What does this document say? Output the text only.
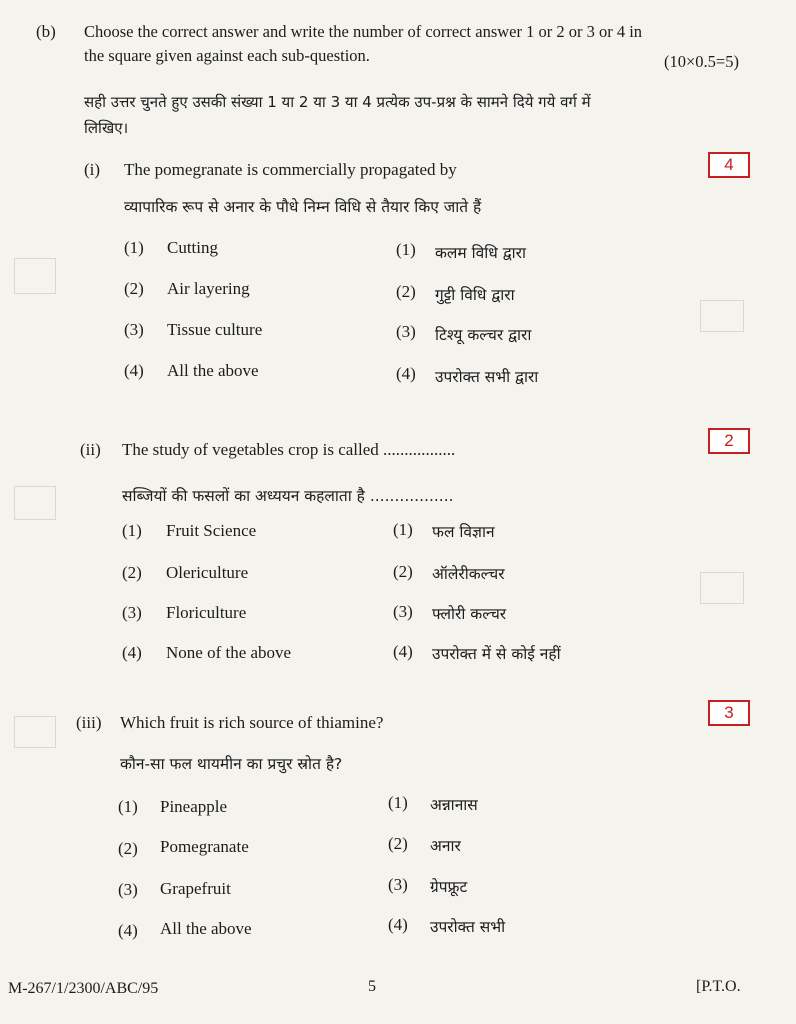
(b) Choose the correct answer and write the number of correct answer 1 or 2 or 3 or 4 in
the square given against each sub-question.	(10×0.5=5)
सही उत्तर चुनते हुए उसकी संख्या 1 या 2 या 3 या 4 प्रत्येक उप-प्रश्न के सामने दिये गये वर्ग में
लिखिए।
(i) The pomegranate is commercially propagated by	4
व्यापारिक रूप से अनार के पौधे निम्न विधि से तैयार किए जाते हैं
(1) Cutting	(1) कलम विधि द्वारा
(2) Air layering	(2) गुट्टी विधि द्वारा
(3) Tissue culture	(3) टिश्यू कल्चर द्वारा
(4) All the above	(4) उपरोक्त सभी द्वारा
(ii) The study of vegetables crop is called .................	2
सब्जियों की फसलों का अध्ययन कहलाता है .................
(1) Fruit Science	(1) फल विज्ञान
(2) Olericulture	(2) ऑलेरीकल्चर
(3) Floriculture	(3) फ्लोरी कल्चर
(4) None of the above	(4) उपरोक्त में से कोई नहीं
(iii) Which fruit is rich source of thiamine?
3
कौन-सा फल थायमीन का प्रचुर स्रोत है?
(1) Pineapple	(1) अन्नानास
(2) Pomegranate	(2) अनार
(3) Grapefruit	(3) ग्रेपफ्रूट
(4) All the above	(4) उपरोक्त सभी
M-267/1/2300/ABC/95	5	[P.T.O.
